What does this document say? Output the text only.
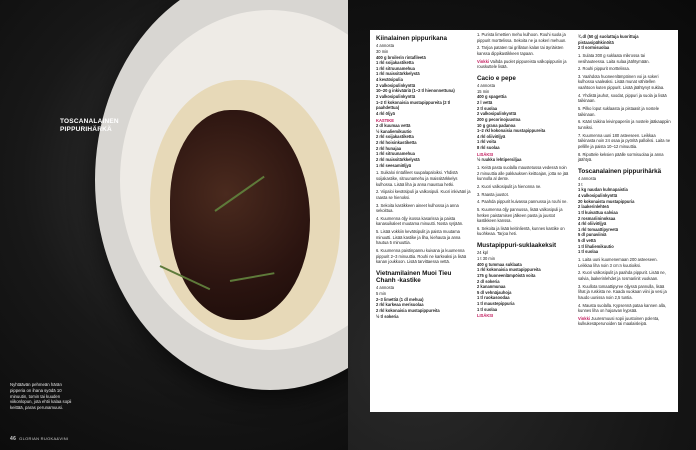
TOSCANALAINEN
PIPPURIHÄRKÄ
Nyhtäävän pehmeän härän pipperia on ihana syödä 10 minuutin, tomin tai kuuden viikonlopun, jota ehtii kalaa sopii keittää, paras perunamuusi.
46 GLORIAN RUOKA&VINI
Kiinalainen pippurikana
4 annosta
30 min
400 g broilerin rintafileetä
1 rkl soijakastiketta
1 rkl sitruunamehua
1 rkl maissitärkkelystä
4 kevätsipulia
2 valkosipulinkynttä
10–20 g inkivääriä (1–2 tl hienonnettuna)
2 valkosipulinkynttä
1–2 tl kokonaisia mustapippureita (2 tl paahdettua)
4 rkl öljyä
KASTIKE
2 dl kuumaa vettä
½ kanaliemikuutio
2 rkl soijakastiketta
2 rkl hoisinkastiketta
2 rkl hunajaa
1 rkl sitruunamehua
2 rkl maissitärkkelystä
1 rkl seesamiöljyä

1. Suikaloi rintafileet suupalapaloiksi. Yhdistä soijakastike, sitruunamehu ja maissitärkkelys kulhossa. Lisää liha ja anna maustua hetki.

2. Viipaloi kevätsipuli ja valkosipuli. Kuori inkivääri ja raasta se hienoksi.

3. Sekoita kastikkeen aineet kulhossa ja anna sekoittua.

4. Kuumenna öljy isossa kasarissa ja paista kanasuikaleet muutama minuutti. Nosta syrjään.

5. Lisää vokkiin kevätsipulit ja paista muutama minuutti. Lisää kastike ja liha, kiehauta ja anna hautua 5 minuuttia.

6. Kuumenna paistinpannu kuivana ja kuumenna pippurit 2–3 minuuttia. Rouhi ne karkeaksi ja lisää kanan joukkoon. Lisää tarvittaessa vettä.

Vietnamilainen Muoi Tieu Chanh -kastike
4 annosta
5 min
2–3 limettiä (1 dl mehua)
2 rkl karkeaa merisuolaa
2 rkl kokonaisia mustapippureita
½ tl sokeria

1. Purista limettien mehu kulhoon. Rouhi suola ja pippurit morttelissa. Sekoita ne ja sokeri mehuun.

2. Tarjoa pataten tai grillatun kalan tai äyriäisten kanssa dippikastikkeen tapaan.

Vinkki Vaihda puolet pippureista valkopippuriin ja rouskuttele lisää.

Cacio e pepe
4 annosta
15 min
400 g spagettia
2 l vettä
2 tl suolaa
2 valkosipulinkynttä
200 g pecorinojuustoa
10 g grana padanoa
1–2 rkl kokonaisia mustapippureita
4 rkl oliiviöljyä
1 rkl voita
8 rkl suolaa
LISÄKSI
½ ruukku lehtipersiljaa

1. Keitä pasta suolalla maustetussa vedessä noin 2 minuuttia alle pakkauksen keittoajan, jotta se jää kunnolla al dente.

2. Kuori valkosipulit ja hienonna ne.

3. Raasta juustot.

4. Paahda pippurit kuivassa pannussa ja rouhi ne.

5. Kuumenna öljy pannussa, lisää valkosipuli ja hetken paistamisen jälkeen pasta ja juustot kastikkeen kanssa.

6. Sekoita ja lisää keitinlientä, kunnes kastike on kuohkeaa. Tarjoa heti.

Mustapippuri-suklaakeksit
24 kpl
1 t 30 min
400 g tummaa suklaata
1 rkl kokonaisia mustapippureita
175 g huoneenlämpöistä voita
2 dl sokeria
2 kananmunaa
5 dl vehnäjauhoja
1 tl ruokasoodaa
1 tl maustepippuria
1 tl suolaa
LISÄKSI
¾ dl (50 g) suolattuja kuorittuja pistaasipähkinöitä
2 tl sormisuolaa

1. Sulata 300 g suklaata mikrossa tai vesihauteessa. Laita sulaa jäähtymään.

2. Rouhi pippurit morttelissa.

3. Vaahdota huoneenlämpöinen voi ja sokeri kulhossa vaaleaksi. Lisää munat vähitellen vaahtoon kuten pippurit. Lisää jäähtynyt suklaa.

4. Yhdistä jauhot, soodat, pippuri ja suola ja lisää taikinaan.

5. Pilko loput suklaasta ja pistaasit ja nostele taikinaan.

6. Kääri taikina leivinpaperiin ja nostele jääkaappiin tunniksi.

7. Kuumenna uuni 180 asteeseen. Leikkaa taikinasta noin 24 osaa ja pyöritä palloiksi. Laita ne pellille ja paista 10–12 minuuttia.

8. Ripottele keksien päälle sormisuolaa ja anna jäähtyä.

Toscanalainen pippurihärkä
4 annosta
3 t
1 kg naudan kulmapaistia
4 valkosipulinkynttä
20 kokonaista mustapippuria
2 laakerinlehteä
1 tl kuivattua salviaa
2 rosmariininoksaa
4 rkl oliiviöljyä
1 rkl tomaattipyreetä
5 dl punaviiniä
5 dl vettä
1 tl lihaliemikuutio
1 tl suolaa

1. Laita uuni kuumenemaan 200 asteeseen. Leikkaa liha noin 3 cm:n kuutioiksi.

2. Kuori valkosipulit ja paahda pippurit. Lisää ne, salvia, laakerinlehdet ja rosmariinit vuokaan.

3. Kuullota tomaattipyree öljyssä pannulla, lisää lihat ja ruskista ne. Kaada vuokaan viini ja vesi ja haudo uunissa noin 2,5 tuntia.

4. Mausta suolalla. Kypsennä pataa kannen alla, kunnes liha on hajoavan kypsää.

Vinkki Juuresmuusi sopii juustoinen polenta, kulkukesäperunoiden tai maalaisleipä.
